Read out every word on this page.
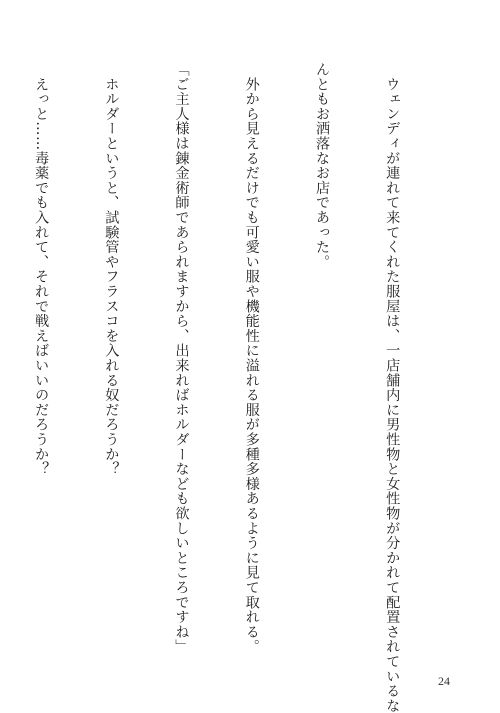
　ウェンディが連れて来てくれた服屋は、一店舗内に男性物と女性物が分かれて配置されているな

んともお洒落なお店であった。

　外から見えるだけでも可愛い服や機能性に溢れる服が多種多様あるように見て取れる。

「ご主人様は錬金術師であられますから、出来ればホルダーなども欲しいところですね」

　ホルダーというと、試験管やフラスコを入れる奴だろうか？

　えっと……毒薬でも入れて、それで戦えばいいのだろうか？

24
